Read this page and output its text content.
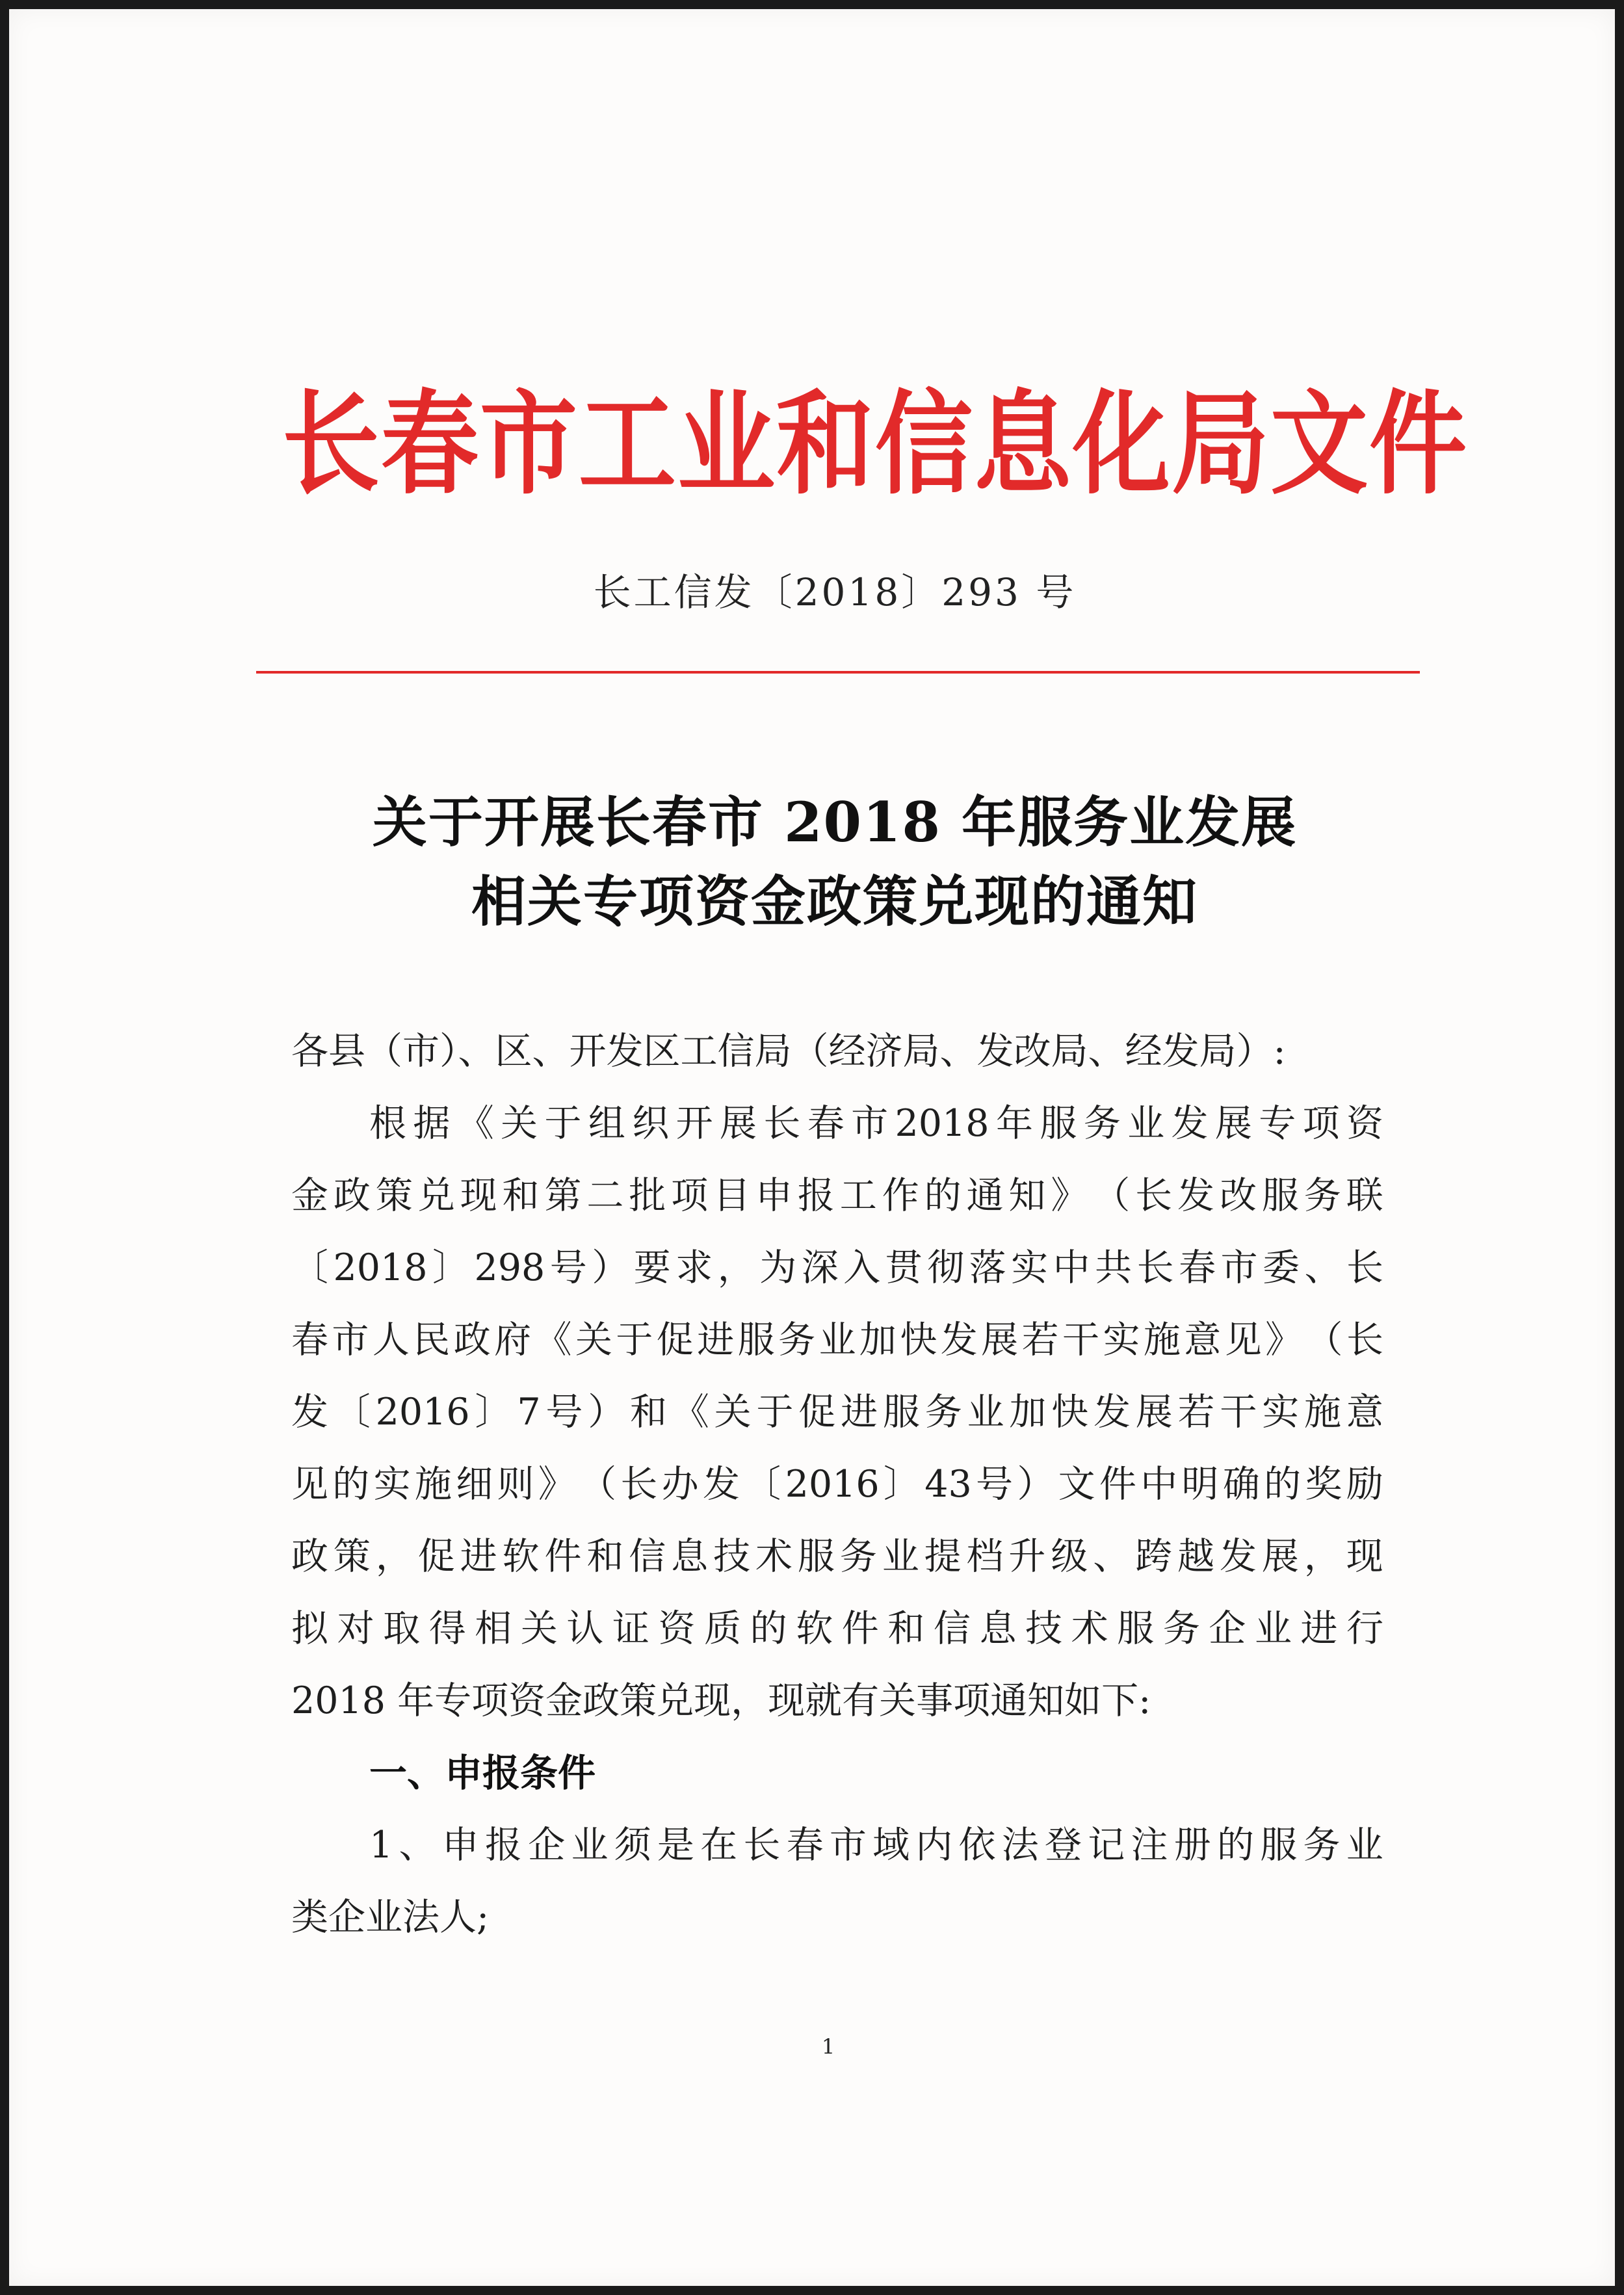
长春市工业和信息化局文件
长工信发〔2018〕293 号
关于开展长春市 2018 年服务业发展
相关专项资金政策兑现的通知
各县（市）、区、开发区工信局（经济局、发改局、经发局）:
根 据 《 关 于 组 织 开 展 长 春 市 2018 年 服 务 业 发 展 专 项 资
金 政 策 兑 现 和 第 二 批 项 目 申 报 工 作 的 通 知 》 （ 长 发 改 服 务 联
〔 2018 〕 298 号 ） 要 求 ， 为 深 入 贯 彻 落 实 中 共 长 春 市 委 、 长
春 市 人 民 政 府 《 关 于 促 进 服 务 业 加 快 发 展 若 干 实 施 意 见 》 （ 长
发 〔 2016 〕 7 号 ） 和 《 关 于 促 进 服 务 业 加 快 发 展 若 干 实 施 意
见 的 实 施 细 则 》 （ 长 办 发 〔 2016 〕 43 号 ） 文 件 中 明 确 的 奖 励
政 策 ， 促 进 软 件 和 信 息 技 术 服 务 业 提 档 升 级 、 跨 越 发 展 ， 现
拟 对 取 得 相 关 认 证 资 质 的 软 件 和 信 息 技 术 服 务 企 业 进 行
2018 年专项资金政策兑现，现就有关事项通知如下:
一、申报条件
1 、 申 报 企 业 须 是 在 长 春 市 域 内 依 法 登 记 注 册 的 服 务 业
类企业法人;
1
